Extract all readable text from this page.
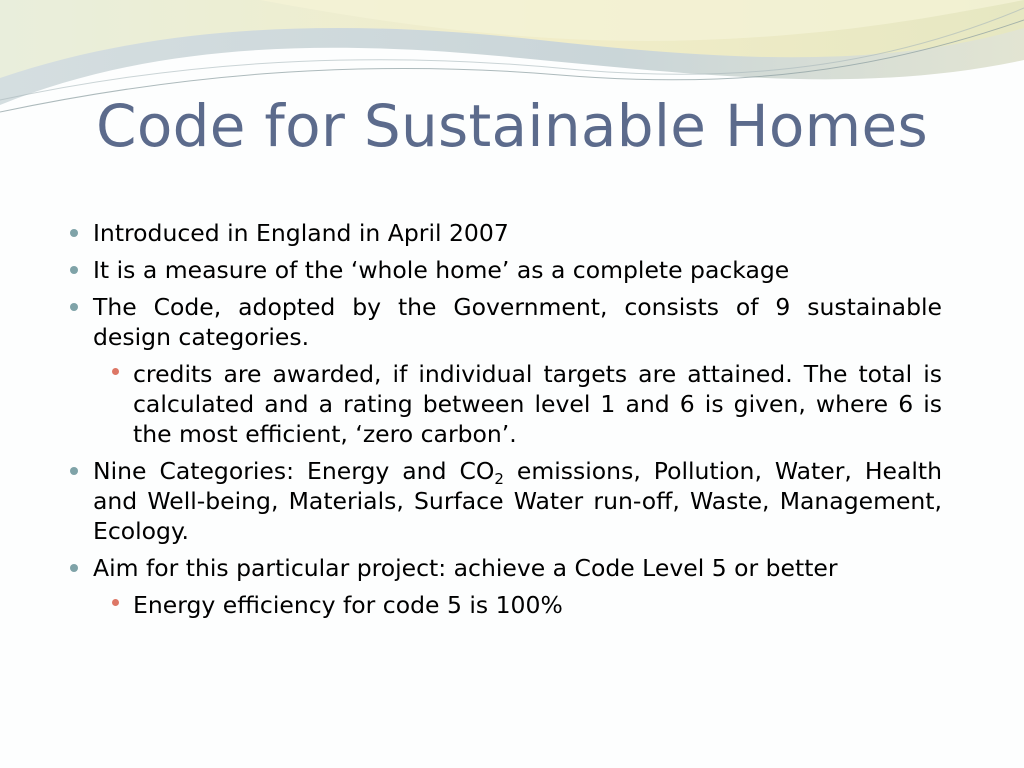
Code for Sustainable Homes
Introduced in England in April 2007
It is a measure of the ‘whole home’ as a complete package
The Code, adopted by the Government, consists of 9 sustainable design categories.
credits are awarded, if individual targets are attained. The total is calculated and a rating between level 1 and 6 is given, where 6 is the most efficient, ‘zero carbon’.
Nine Categories: Energy and $CO_2$ emissions, Pollution, Water, Health and Well-being, Materials, Surface Water run-off, Waste, Management, Ecology.
Aim for this particular project: achieve a Code Level 5 or better
Energy efficiency for code 5 is 100%
